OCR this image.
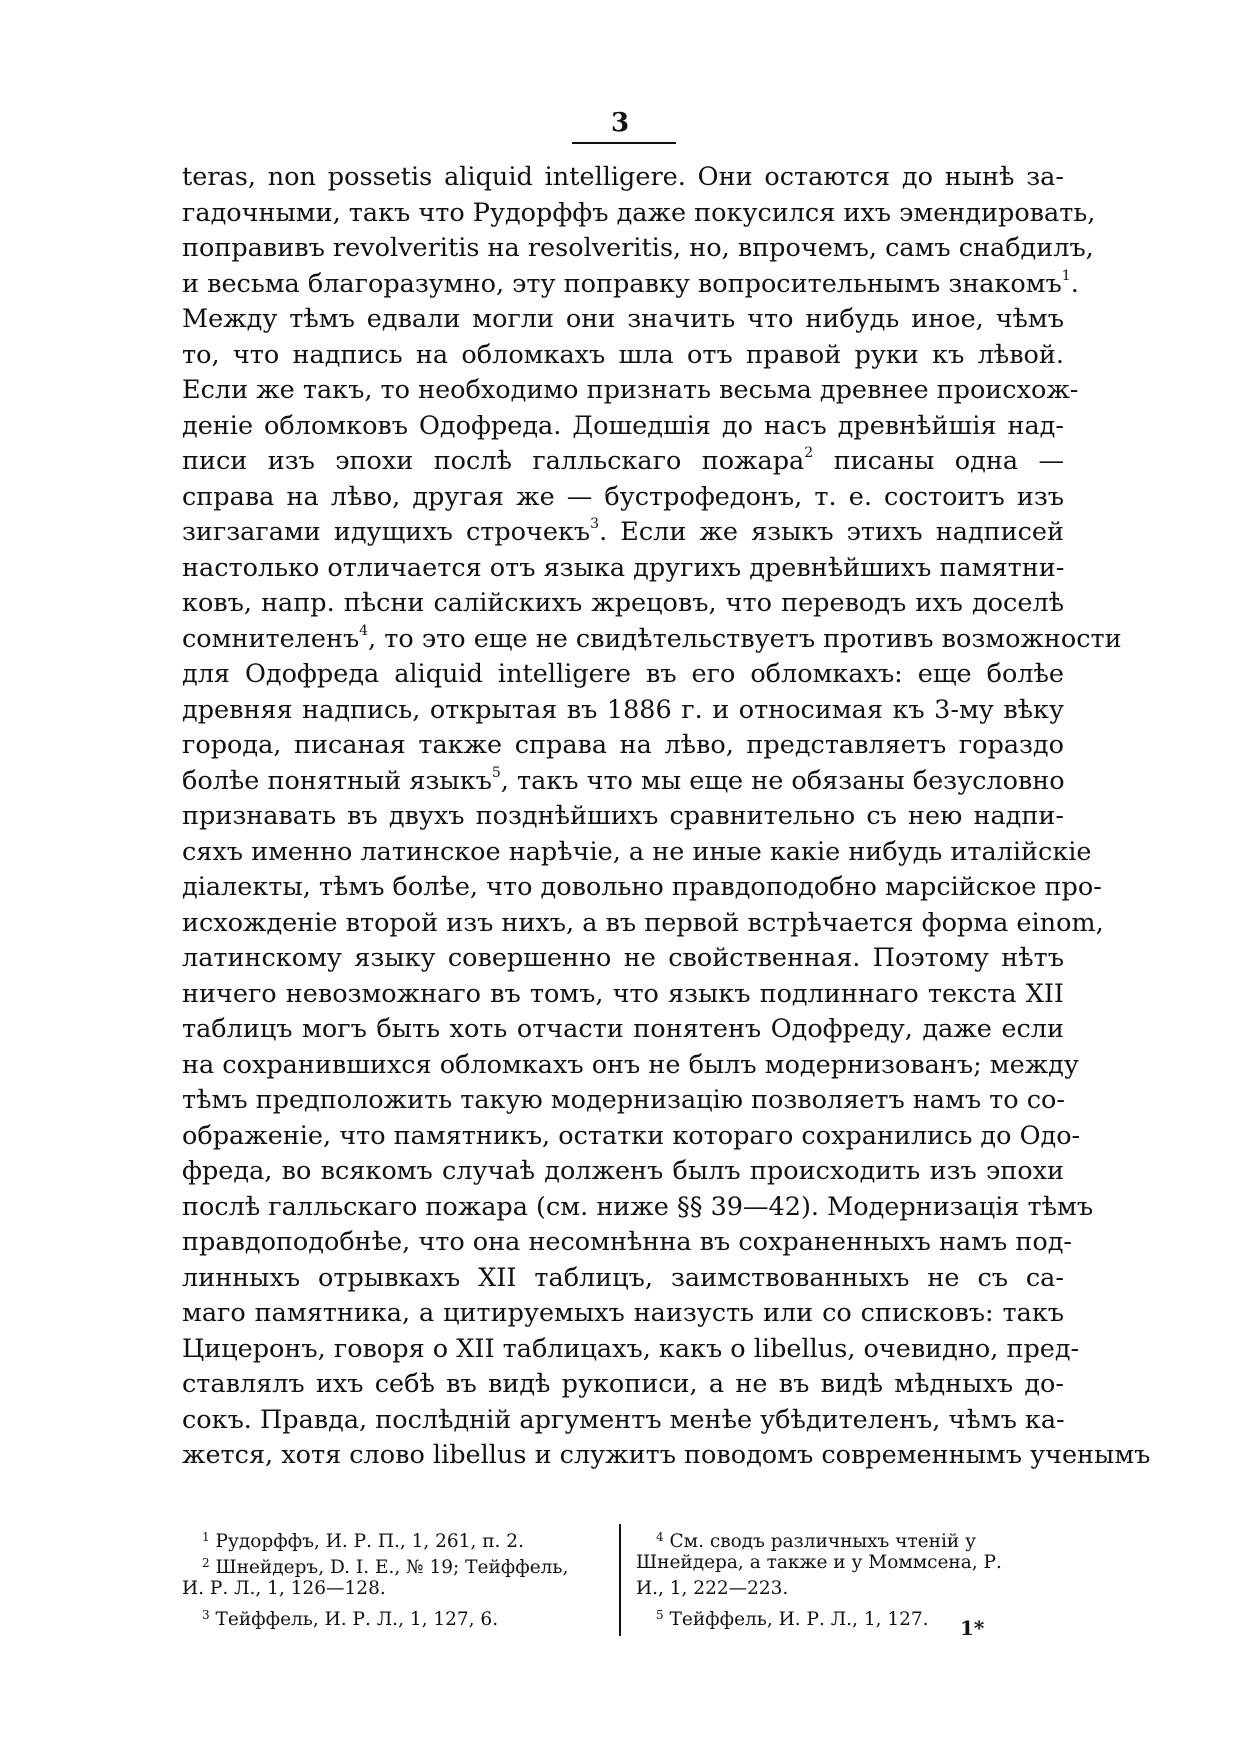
3
teras, non possetis aliquid intelligere. Они остаются до нынѣ за-
гадочными, такъ что Рудорффъ даже покусился ихъ эмендировать,
поправивъ revolveritis на resolveritis, но, впрочемъ, самъ снабдилъ,
и весьма благоразумно, эту поправку вопросительнымъ знакомъ$^1$.
Между тѣмъ едвали могли они значить что нибудь иное, чѣмъ
то, что надпись на обломкахъ шла отъ правой руки къ лѣвой.
Если же такъ, то необходимо признать весьма древнее происхож-
деніе обломковъ Одофреда. Дошедшія до насъ древнѣйшія над-
писи изъ эпохи послѣ галльскаго пожара$^2$ писаны одна —
справа на лѣво, другая же — бустрофедонъ, т. е. состоитъ изъ
зигзагами идущихъ строчекъ$^3$. Если же языкъ этихъ надписей
настолько отличается отъ языка другихъ древнѣйшихъ памятни-
ковъ, напр. пѣсни салійскихъ жрецовъ, что переводъ ихъ доселѣ
сомнителенъ$^4$, то это еще не свидѣтельствуетъ противъ возможности
для Одофреда aliquid intelligere въ его обломкахъ: еще болѣе
древняя надпись, открытая въ 1886 г. и относимая къ 3-му вѣку
города, писаная также справа на лѣво, представляетъ гораздо
болѣе понятный языкъ$^5$, такъ что мы еще не обязаны безусловно
признавать въ двухъ позднѣйшихъ сравнительно съ нею надпи-
сяхъ именно латинское нарѣчіе, а не иные какіе нибудь италійскіе
діалекты, тѣмъ болѣе, что довольно правдоподобно марсійское про-
исхожденіе второй изъ нихъ, а въ первой встрѣчается форма einom,
латинскому языку совершенно не свойственная. Поэтому нѣтъ
ничего невозможнаго въ томъ, что языкъ подлиннаго текста XII
таблицъ могъ быть хоть отчасти понятенъ Одофреду, даже если
на сохранившихся обломкахъ онъ не былъ модернизованъ; между
тѣмъ предположить такую модернизацію позволяетъ намъ то со-
ображеніе, что памятникъ, остатки котораго сохранились до Одо-
фреда, во всякомъ случаѣ долженъ былъ происходить изъ эпохи
послѣ галльскаго пожара (см. ниже §§ 39—42). Модернизація тѣмъ
правдоподобнѣе, что она несомнѣнна въ сохраненныхъ намъ под-
линныхъ отрывкахъ XII таблицъ, заимствованныхъ не съ са-
маго памятника, а цитируемыхъ наизусть или со списковъ: такъ
Цицеронъ, говоря о XII таблицахъ, какъ о libellus, очевидно, пред-
ставлялъ ихъ себѣ въ видѣ рукописи, а не въ видѣ мѣдныхъ до-
сокъ. Правда, послѣдній аргументъ менѣе убѣдителенъ, чѣмъ ка-
жется, хотя слово libellus и служитъ поводомъ современнымъ ученымъ
$^1$ Рудорффъ, И. Р. П., 1, 261, п. 2.
$^2$ Шнейдеръ, D. I. E., № 19; Тейффель,
И. Р. Л., 1, 126—128.
$^3$ Тейффель, И. Р. Л., 1, 127, 6.
$^4$ См. сводъ различныхъ чтеній у
Шнейдера, а также и у Моммсена, Р.
И., 1, 222—223.
$^5$ Тейффель, И. Р. Л., 1, 127.	1*
